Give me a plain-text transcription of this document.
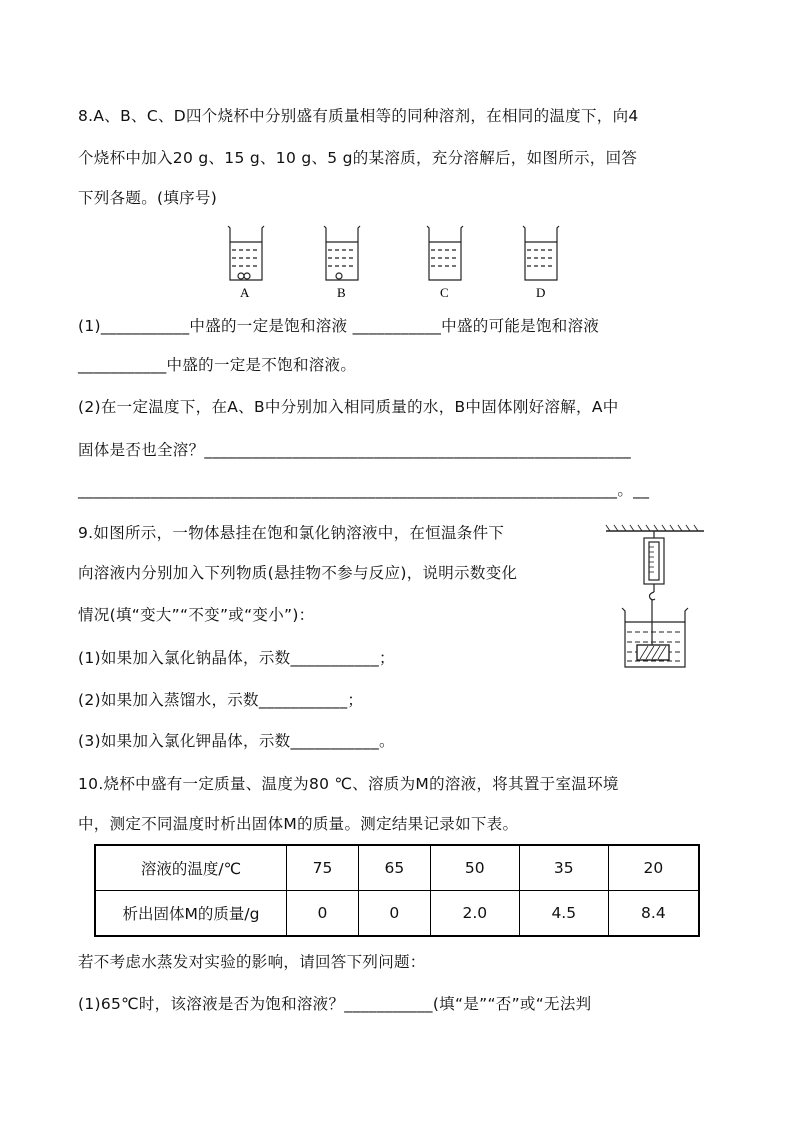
8.A、B、C、D四个烧杯中分别盛有质量相等的同种溶剂，在相同的温度下，向4
个烧杯中加入20 g、15 g、10 g、5 g的某溶质，充分溶解后，如图所示，回答
下列各题。(填序号)
A	B	C	D
(1)___________中盛的一定是饱和溶液 ___________中盛的可能是饱和溶液
___________中盛的一定是不饱和溶液。
(2)在一定温度下，在A、B中分别加入相同质量的水，B中固体刚好溶解，A中
固体是否也全溶？_____________________________________________________
___________________________________________________________________。__
9.如图所示，一物体悬挂在饱和氯化钠溶液中，在恒温条件下
向溶液内分别加入下列物质(悬挂物不参与反应)，说明示数变化
情况(填“变大”“不变”或“变小”)：
(1)如果加入氯化钠晶体，示数___________；
(2)如果加入蒸馏水，示数___________；
(3)如果加入氯化钾晶体，示数___________。
10.烧杯中盛有一定质量、温度为80 ℃、溶质为M的溶液，将其置于室温环境
中，测定不同温度时析出固体M的质量。测定结果记录如下表。
溶液的温度/℃	75	65	50	35	20
析出固体M的质量/g	0	0	2.0	4.5	8.4
若不考虑水蒸发对实验的影响，请回答下列问题：
(1)65℃时，该溶液是否为饱和溶液？___________(填“是”“否”或“无法判
